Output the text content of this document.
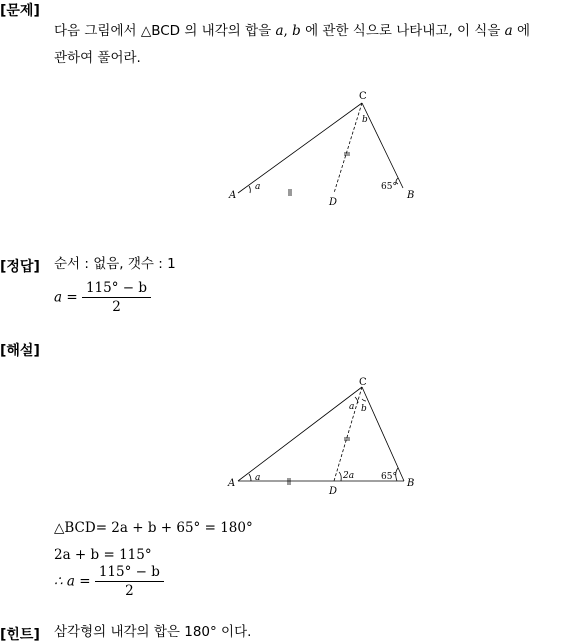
[문제]
다음 그림에서 △BCD 의 내각의 합을 a, b 에 관한 식으로 나타내고, 이 식을 a 에
관하여 풀어라.
C
b
A
a
D
65°
B
[정답] 순서 : 없음, 갯수 : 1
$a = \frac{115^\circ - b}{2}$
[해설]
C
a b
A a	2a	65°
D
B
△BCD= 2a + b + 65° = 180°
2a + b = 115°
∴ $a = \frac{115^\circ - b}{2}$
[힌트] 삼각형의 내각의 합은 180° 이다.
